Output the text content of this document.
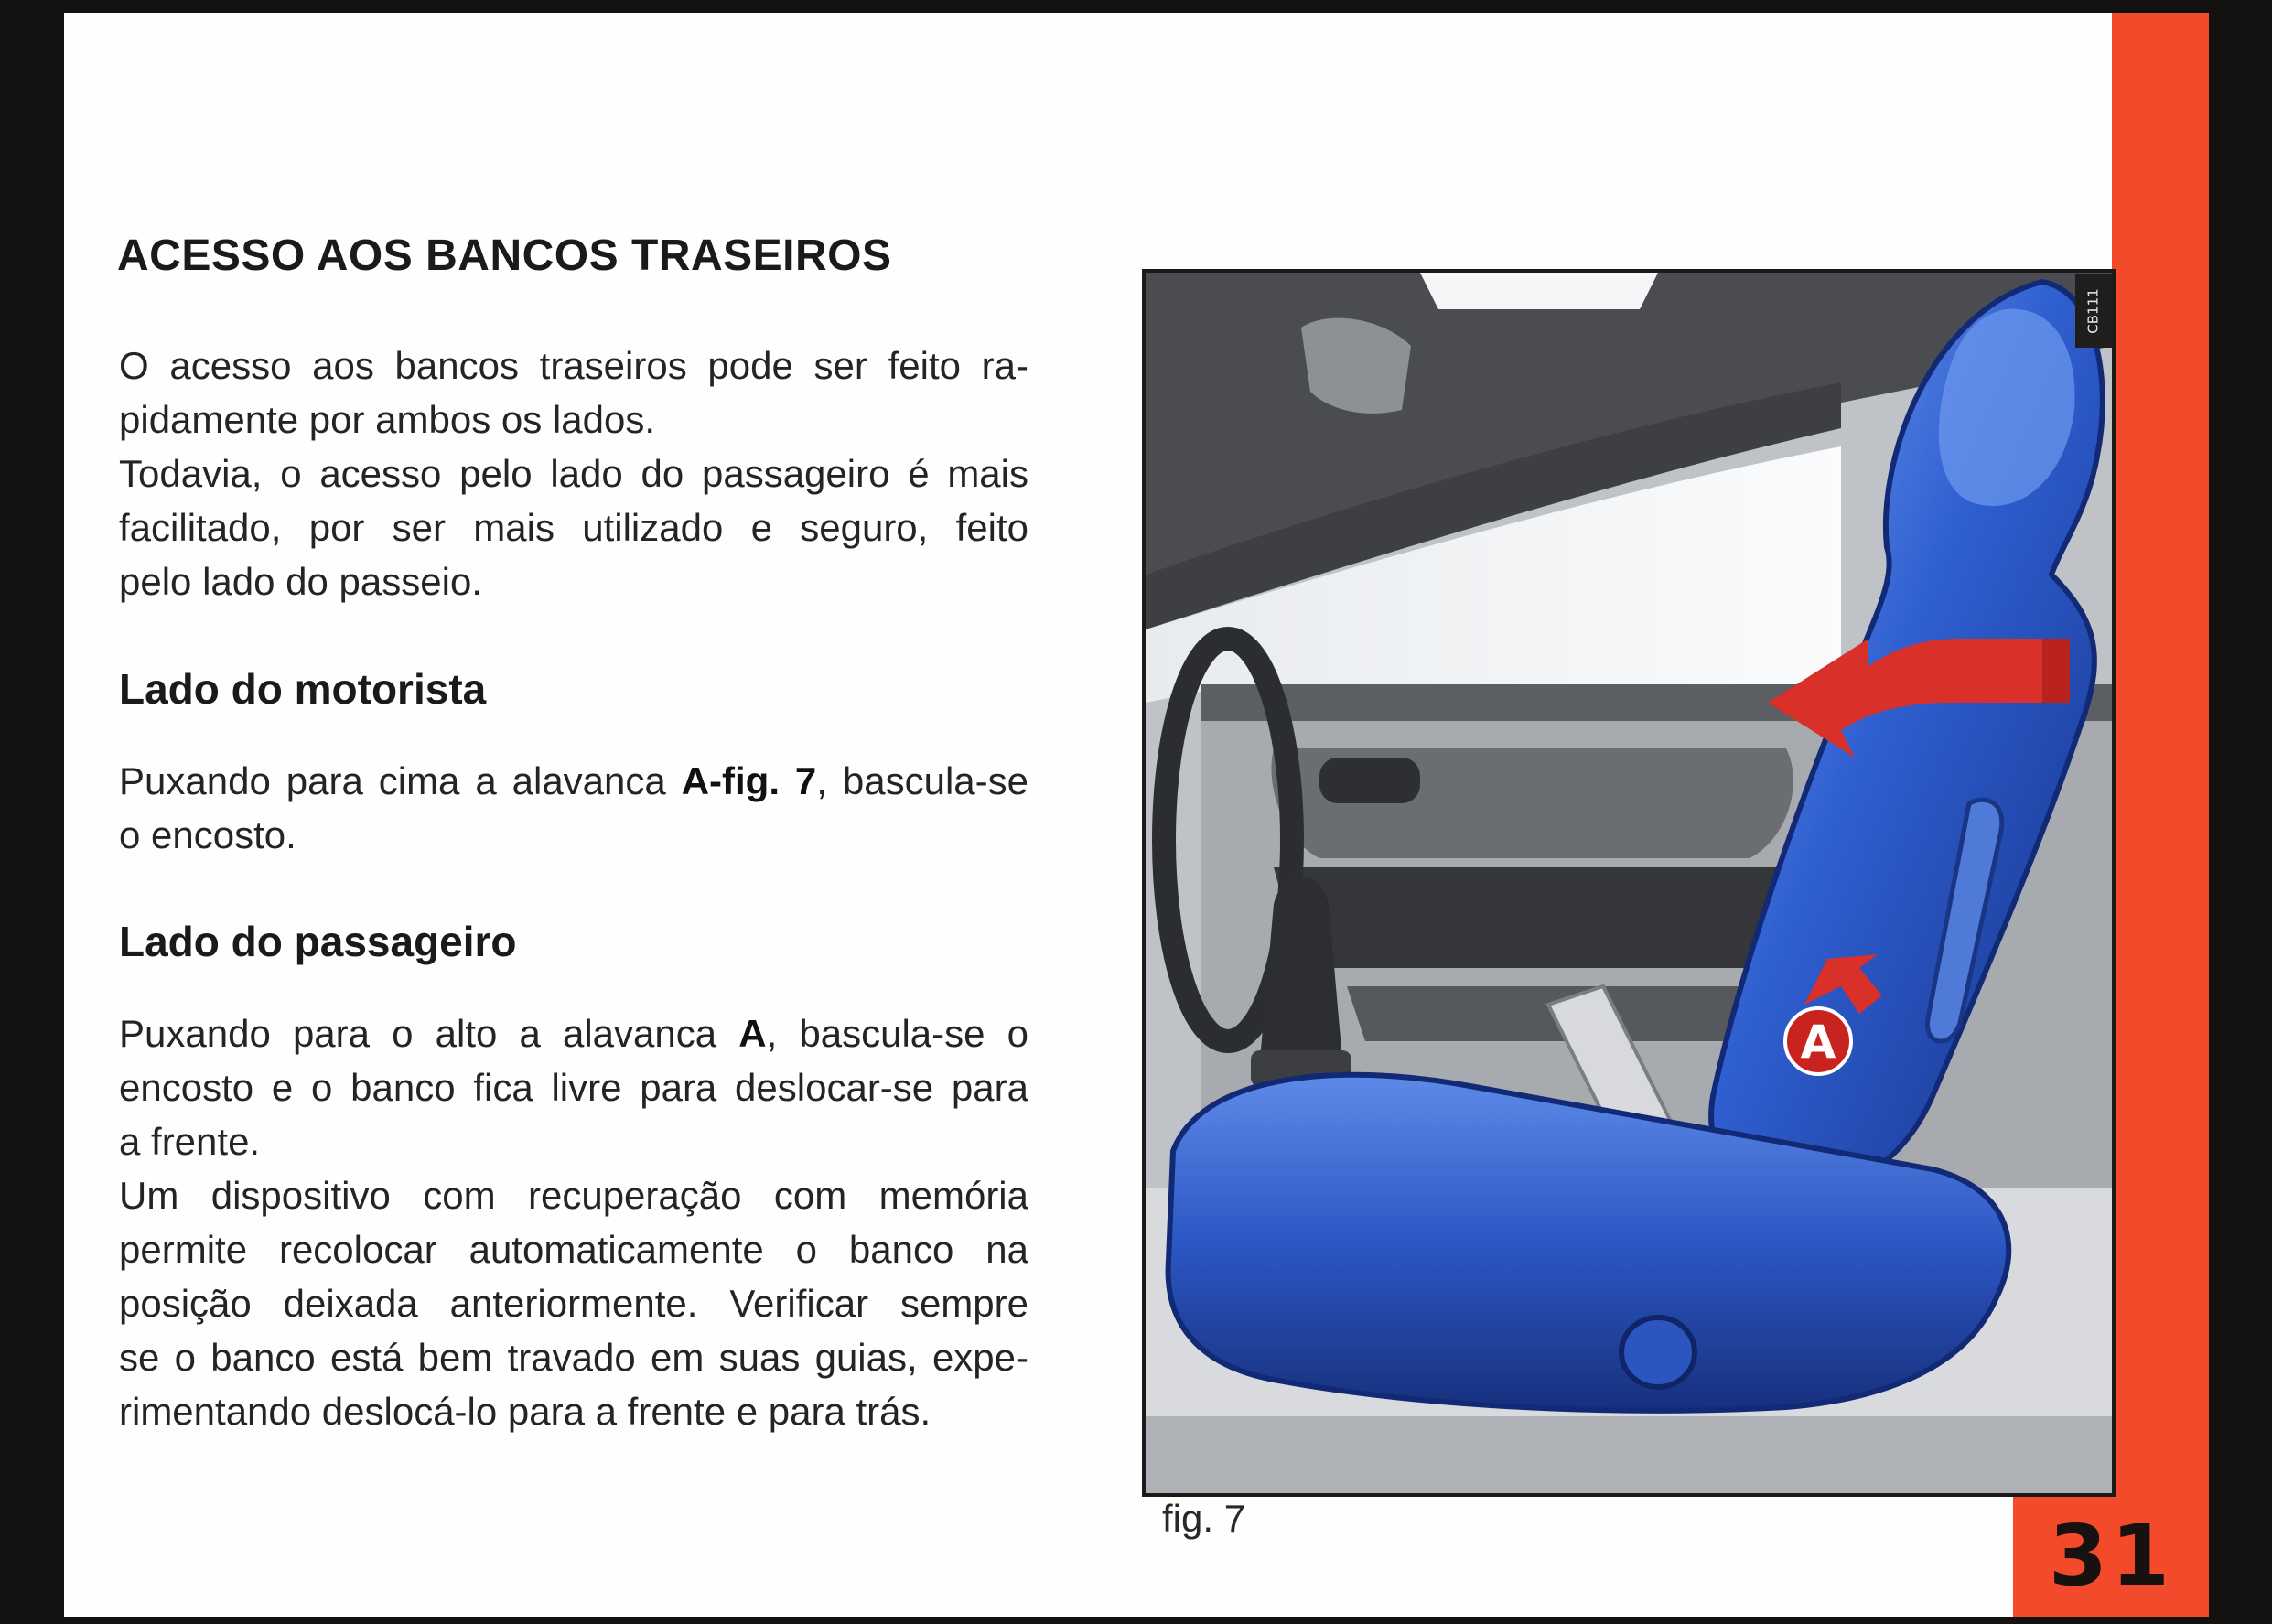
31
ACESSO AOS BANCOS TRASEIROS

O acesso aos bancos traseiros pode ser feito ra-
pidamente por ambos os lados.
Todavia, o acesso pelo lado do passageiro é mais
facilitado, por ser mais utilizado e seguro, feito
pelo lado do passeio.

Lado do motorista

Puxando para cima a alavanca A-fig. 7, bascula-se
o encosto.

Lado do passageiro

Puxando para o alto a alavanca A, bascula-se o
encosto e o banco fica livre para deslocar-se para
a frente.
Um dispositivo com recuperação com memória
permite recolocar automaticamente o banco na
posição deixada anteriormente. Verificar sempre
se o banco está bem travado em suas guias, expe-
rimentando deslocá-lo para a frente e para trás.

A
CB111

fig. 7
